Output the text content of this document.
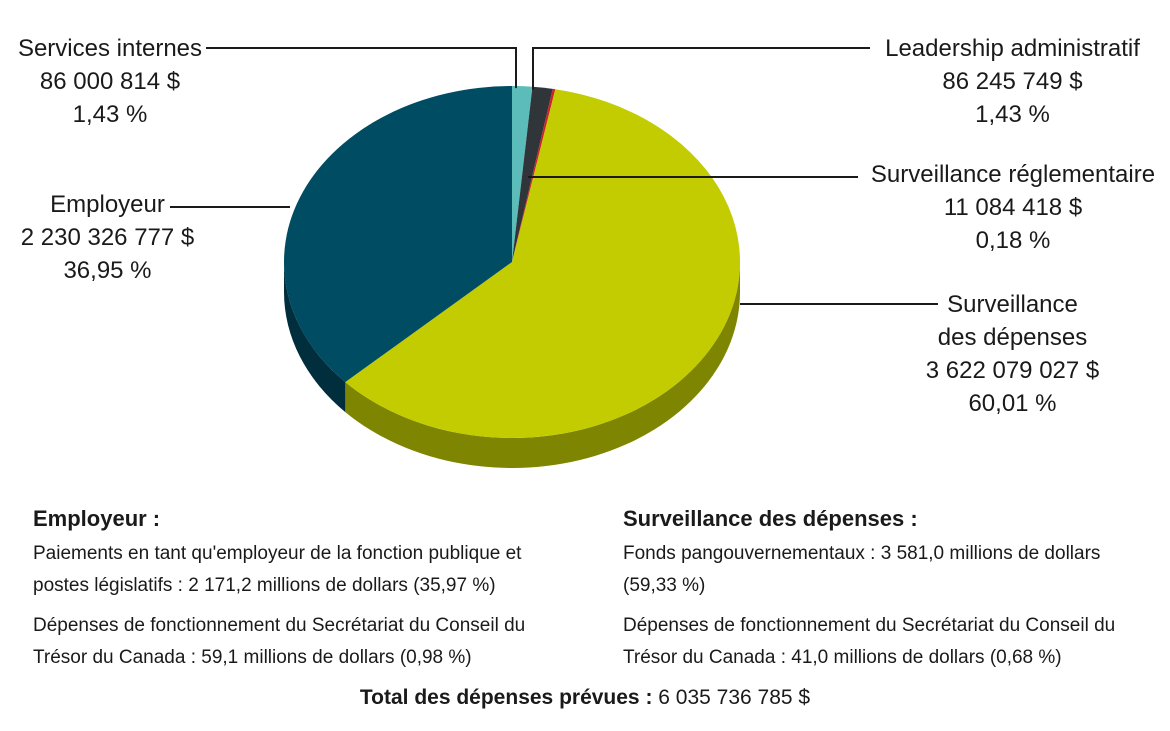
Services internes
86 000 814 $
1,43 %
Leadership administratif
86 245 749 $
1,43 %
Surveillance réglementaire
11 084 418 $
0,18 %
Surveillance
des dépenses
3 622 079 027 $
60,01 %
Employeur
2 230 326 777 $
36,95 %
Employeur :

Paiements en tant qu'employeur de la fonction publique et postes législatifs : 2 171,2 millions de dollars (35,97 %)

Dépenses de fonctionnement du Secrétariat du Conseil du Trésor du Canada : 59,1 millions de dollars (0,98 %)

Surveillance des dépenses :

Fonds pangouvernementaux : 3 581,0 millions de dollars (59,33 %)

Dépenses de fonctionnement du Secrétariat du Conseil du Trésor du Canada : 41,0 millions de dollars (0,68 %)

Total des dépenses prévues : 6 035 736 785 $
